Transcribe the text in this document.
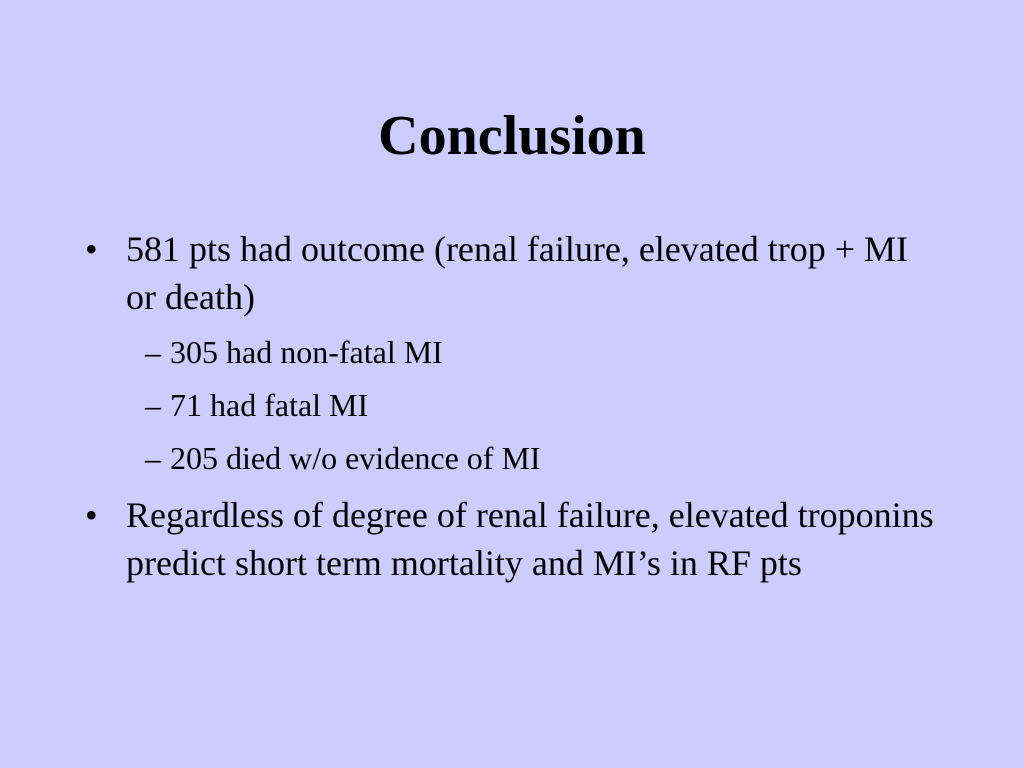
Conclusion
• 581 pts had outcome (renal failure, elevated trop + MI or death)
– 305 had non-fatal MI
– 71 had fatal MI
– 205 died w/o evidence of MI
• Regardless of degree of renal failure, elevated troponins predict short term mortality and MI’s in RF pts
